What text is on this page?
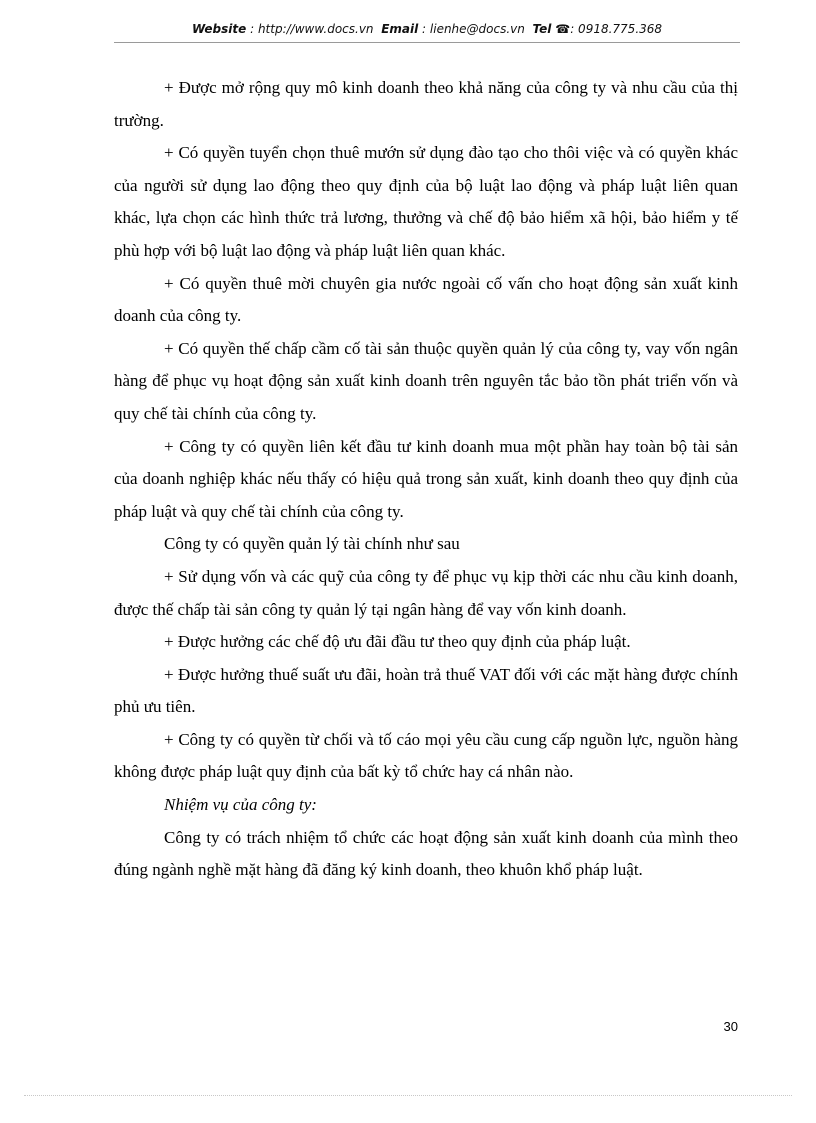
Website : http://www.docs.vn Email : lienhe@docs.vn Tel ☎: 0918.775.368

+ Được mở rộng quy mô kinh doanh theo khả năng của công ty và nhu cầu của thị trường.

+ Có quyền tuyển chọn thuê mướn sử dụng đào tạo cho thôi việc và có quyền khác của người sử dụng lao động theo quy định của bộ luật lao động và pháp luật liên quan khác, lựa chọn các hình thức trả lương, thưởng và chế độ bảo hiểm xã hội, bảo hiểm y tế phù hợp với bộ luật lao động và pháp luật liên quan khác.

+ Có quyền thuê mời chuyên gia nước ngoài cố vấn cho hoạt động sản xuất kinh doanh của công ty.

+ Có quyền thế chấp cầm cố tài sản thuộc quyền quản lý của công ty, vay vốn ngân hàng để phục vụ hoạt động sản xuất kinh doanh trên nguyên tắc bảo tồn phát triển vốn và quy chế tài chính của công ty.

+ Công ty có quyền liên kết đầu tư kinh doanh mua một phần hay toàn bộ tài sản của doanh nghiệp khác nếu thấy có hiệu quả trong sản xuất, kinh doanh theo quy định của pháp luật và quy chế tài chính của công ty.

Công ty có quyền quản lý tài chính như sau

+ Sử dụng vốn và các quỹ của công ty để phục vụ kịp thời các nhu cầu kinh doanh, được thế chấp tài sản công ty quản lý tại ngân hàng để vay vốn kinh doanh.

+ Được hưởng các chế độ ưu đãi đầu tư theo quy định của pháp luật.

+ Được hưởng thuế suất ưu đãi, hoàn trả thuế VAT đối với các mặt hàng được chính phủ ưu tiên.

+ Công ty có quyền từ chối và tố cáo mọi yêu cầu cung cấp nguồn lực, nguồn hàng không được pháp luật quy định của bất kỳ tổ chức hay cá nhân nào.

Nhiệm vụ của công ty:

Công ty có trách nhiệm tổ chức các hoạt động sản xuất kinh doanh của mình theo đúng ngành nghề mặt hàng đã đăng ký kinh doanh, theo khuôn khổ pháp luật.

30
